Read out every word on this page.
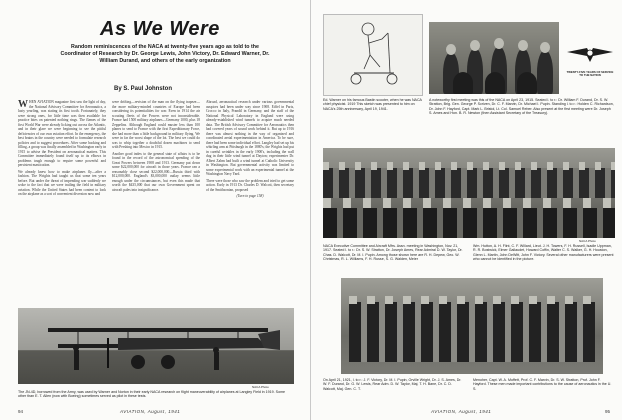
As We Were
Random reminiscences of the NACA at twenty-five years ago as told to the Coordinator of Research by Dr. George Lewis, John Victory, Dr. Edward Warner, Dr. William Durand, and others of the early organization
By S. Paul Johnston

WHEN AVIATION magazine first saw the light of day, the National Advisory Committee for Aeronautics, a lusty yearling, was stating its first tooth. Fortunately, they were strong ones, for little time was then available for practice bites on patented nothing rings. The flames of the first World War were already licking out across the Atlantic, and in their glare we were beginning to see the pitiful deficiencies of our own aviation effort. In the emergency, the best brains in the country were needed to formulate research policies and to suggest procedures. After some backing and filling, a group was finally assembled in Washington early in 1915 to advise the President on aeronautical matters. This Committee immediately found itself up to its elbows in problems tough enough to require some powerful and persistent mastication.

We already knew how to make airplanes fly—after a fashion. The Wrights had taught us that some ten years before. But under the threat of impending war suddenly we woke to the fact that we were trailing the field in military aviation. While the United States had been content to look on the airplane as a sort of convenient diversion now and

were drifting—revision of the man on the flying trapeze—the more military-minded countries of Europe had been considering its potentialities for war. Even in 1914 the air scouting fleets of the Powers were not inconsiderable. France had 1500 military airplanes—Germany 1000, plus 18 Zeppelins. Although England could muster less than 100 planes to send to France with the first Expeditionary Force, she had more than a little background in military flying. We were in far the worst shape of the lot. The best we could do was to whip together a doubtful dozen machines to send with Pershing into Mexico in 1915.

Another good index to the general state of affairs is to be found in the record of the astronomical spending of the Great Powers between 1908 and 1913. Germany put down some $22,000,000 for aircraft in those years. France ran a reasonably close second $22,000,000—Russia third with $12,000,000. England's $3,000,000 outlay seems little enough under the circumstances, but even this made that worth the $435,000 that our own Government spent on aircraft pales into insignificance.

Abroad, aeronautical research under various governmental auspices had been under way since 1908. Eiffel in Paris, Crocco in Italy, Prandtl in Germany, and the staff of the National Physical Laboratory in England were using already-established wind tunnels to acquire much needed data. The British Advisory Committee for Aeronautics then had covered years of sound work behind it. But up to 1916 there was almost nothing in the way of organized and coordinated aerial experimentation in America. To be sure, there had been some individual effort. Langley had set up his whirling arm at Pittsburgh in the 1880's; the Wrights had put in careful wrinkles in the early 1900's, including the wall dug in their little wind tunnel at Dayton; experimenter Dr. Albert Zahm had built a wind tunnel at Catholic University in Washington. But governmental activity was limited to some experimental work with an experimental tunnel at the Washington Navy Yard.

There were those who saw the problem and tried to get some action. Early in 1913 Dr. Charles D. Walcott, then secretary of the Smithsonian, proposed

(Turn to page 158)

NACA Photo
The JN-4D, borrowed from the Army, was used by Warner and Norton in their early NACA research on flight maneuverability of airplanes at Langley Field in 1919. Some other than E. T. Allen (now with Boeing) sometimes served as pilot in these tests.
94	AVIATION, August, 1941
Ed. Warner on his famous Bastin scooter, when he was NACA chief physicist. 1919 This sketch was presented to him on NACA's 25th anniversary, April 19, 1941.
TWENTY-FIVE YEARS OF SERVICE TO THE NATION
A noteworthy first meeting was this of the NACA on April 23, 1915. Seated l. to r.: Dr. William F. Durand, Dr. S. W. Stratton, Brig. Gen. George P. Scriven, Dr. C. F. Marvin, Dr. Michael I. Pupin. Standing l. to r.: Holden C. Richardson, Dr. John F. Hayford, Capt. Mark L. Bristol, Lt. Col. Samuel Reber. Also present at the first meeting were Dr. Joseph S. Ames and Hon. B. R. Newton (then Assistant Secretary of the Treasury).
NACA Photo
NACA Executive Committee and Aircraft Mfrs. Assn. meeting in Washington, Nov. 21, 1917. Seated l. to r.: Dr. S. W. Stratton, Dr. Joseph Ames, Rear Admiral D. W. Taylor, Dr. Chas. D. Walcott, Dr. M. I. Pupin. Among those shown here are R. H. Depew, Geo. W. Christmas, R. L. Williams, F. H. Russe, S. G. Walden, Meier
Wm. Hutton, A. H. Flint, C. F. Willard, Lieut. J. H. Towers, F. H. Russell, Isadle Uppman, R. R. Bostwick, Elmer Gallaudet, Howard Coffin, Walter C. S. Walker, G. H. Houston, Glenn L. Martin, John DeWitt, John F. Victory. Several other manufacturers were present who cannot be identified in the picture.
On April 21, 1921, l. to r.: J. F. Victory, Dr. M. I. Pupin, Orville Wright, Dr. J. S. Ames, Dr. W. F. Durand, Dr. G. W. Lewis, Rear Adm. D. W. Taylor, Maj. T. H. Bane, Dr. C. D. Walcott, Maj. Gen. C. T.
Menoher, Capt. W. A. Moffett, Prof. C. F. Marvin, Dr. S. W. Stratton, Prof. John F. Hayford. These men made important contributions to the cause of aeronautics in the U. S.
AVIATION, August, 1941	95
